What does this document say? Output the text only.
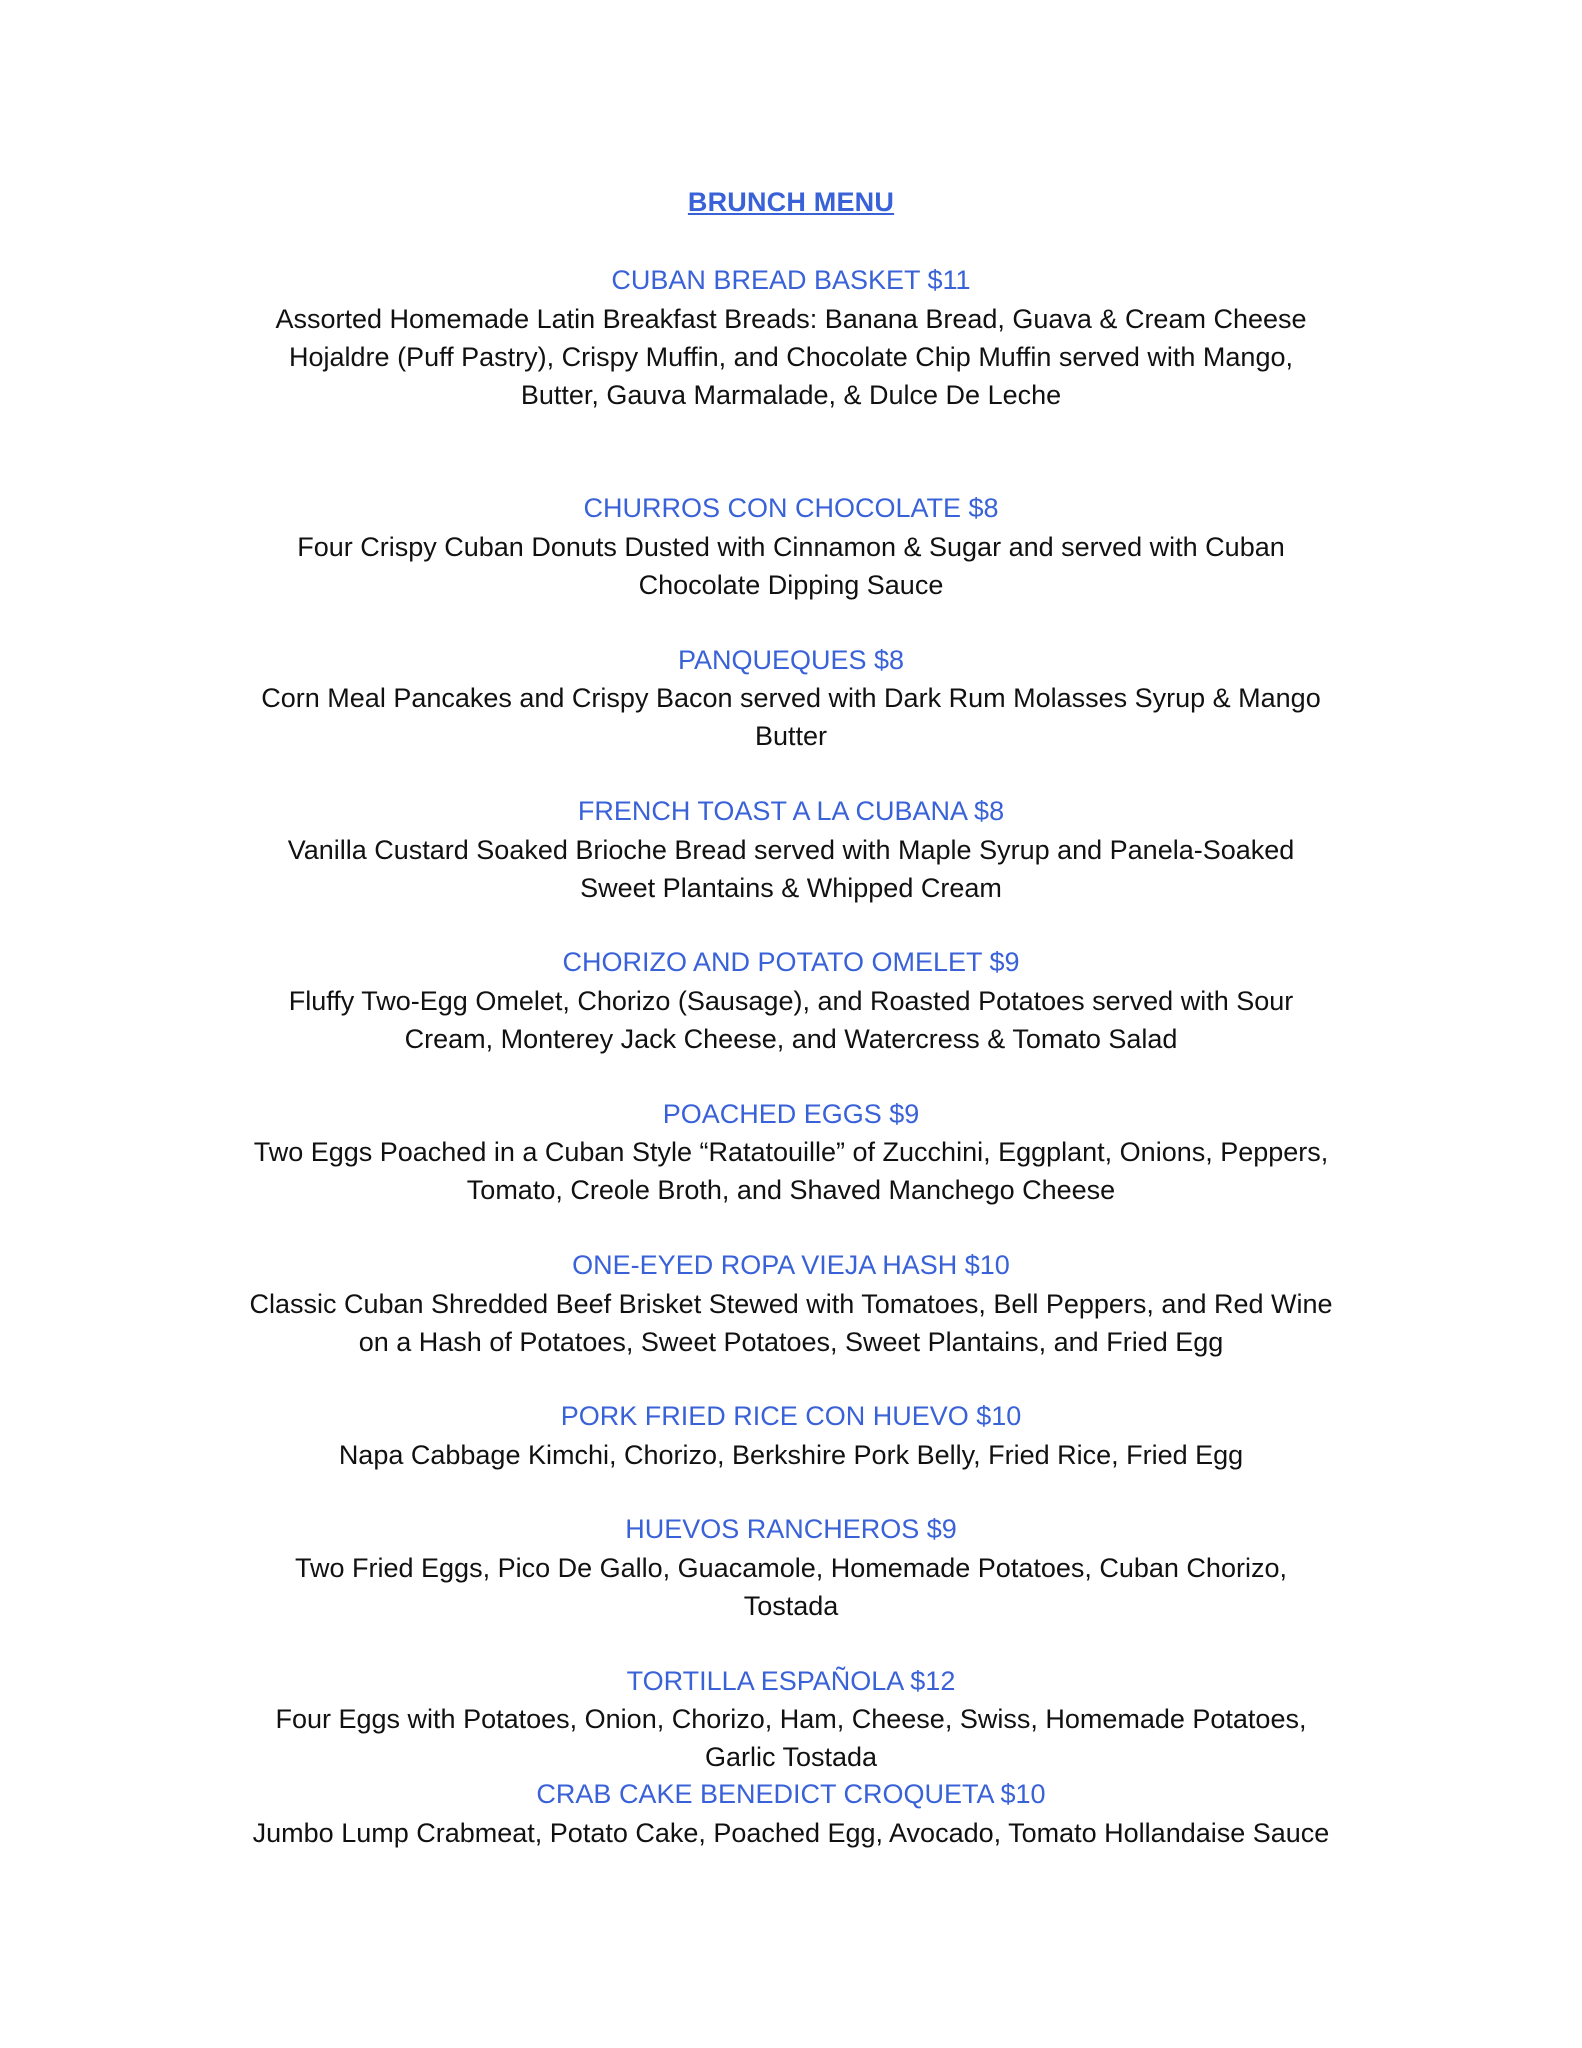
BRUNCH MENU
CUBAN BREAD BASKET $11
Assorted Homemade Latin Breakfast Breads: Banana Bread, Guava & Cream Cheese
Hojaldre (Puff Pastry), Crispy Muffin, and Chocolate Chip Muffin served with Mango,
Butter, Gauva Marmalade, & Dulce De Leche
CHURROS CON CHOCOLATE $8
Four Crispy Cuban Donuts Dusted with Cinnamon & Sugar and served with Cuban
Chocolate Dipping Sauce
PANQUEQUES $8
Corn Meal Pancakes and Crispy Bacon served with Dark Rum Molasses Syrup & Mango
Butter
FRENCH TOAST A LA CUBANA $8
Vanilla Custard Soaked Brioche Bread served with Maple Syrup and Panela-Soaked
Sweet Plantains & Whipped Cream
CHORIZO AND POTATO OMELET $9
Fluffy Two-Egg Omelet, Chorizo (Sausage), and Roasted Potatoes served with Sour
Cream, Monterey Jack Cheese, and Watercress & Tomato Salad
POACHED EGGS $9
Two Eggs Poached in a Cuban Style “Ratatouille” of Zucchini, Eggplant, Onions, Peppers,
Tomato, Creole Broth, and Shaved Manchego Cheese
ONE-EYED ROPA VIEJA HASH $10
Classic Cuban Shredded Beef Brisket Stewed with Tomatoes, Bell Peppers, and Red Wine
on a Hash of Potatoes, Sweet Potatoes, Sweet Plantains, and Fried Egg
PORK FRIED RICE CON HUEVO $10
Napa Cabbage Kimchi, Chorizo, Berkshire Pork Belly, Fried Rice, Fried Egg
HUEVOS RANCHEROS $9
Two Fried Eggs, Pico De Gallo, Guacamole, Homemade Potatoes, Cuban Chorizo,
Tostada
TORTILLA ESPAÑOLA $12
Four Eggs with Potatoes, Onion, Chorizo, Ham, Cheese, Swiss, Homemade Potatoes,
Garlic Tostada
CRAB CAKE BENEDICT CROQUETA $10
Jumbo Lump Crabmeat, Potato Cake, Poached Egg, Avocado, Tomato Hollandaise Sauce
